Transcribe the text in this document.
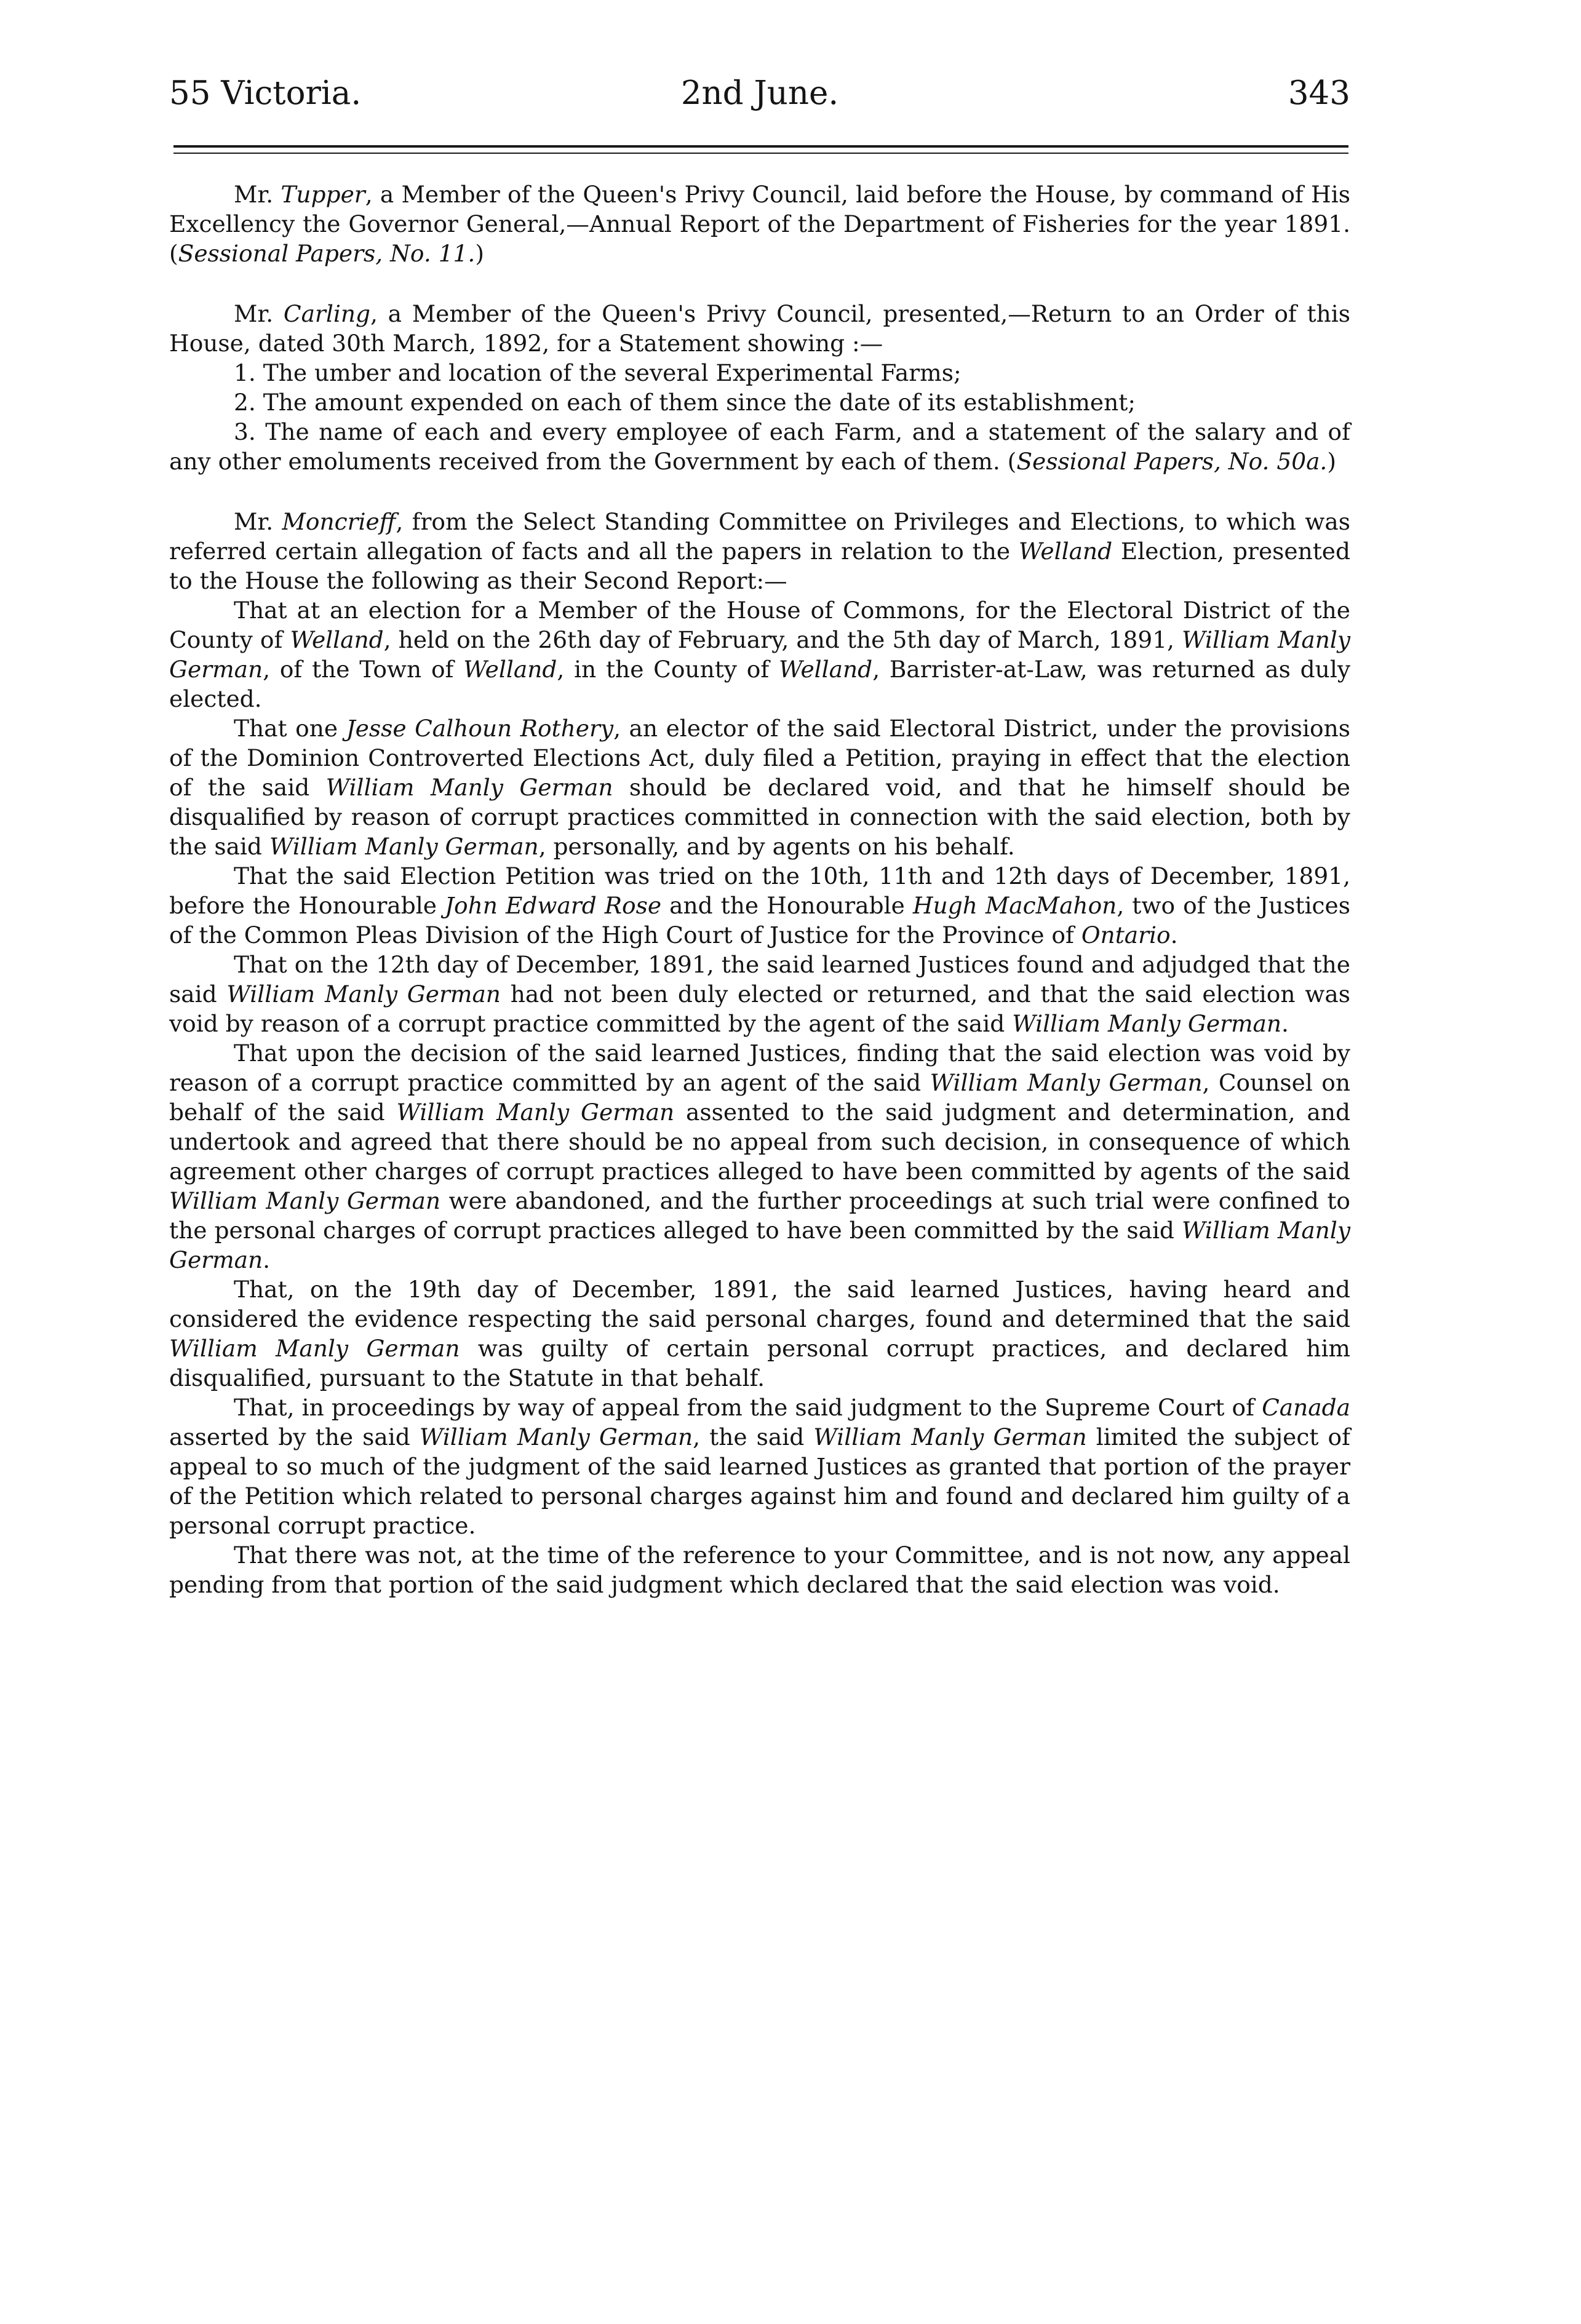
55 Victoria.	2nd June.	343

Mr. Tupper, a Member of the Queen's Privy Council, laid before the House, by command of His Excellency the Governor General,—Annual Report of the Department of Fisheries for the year 1891. (Sessional Papers, No. 11.)

Mr. Carling, a Member of the Queen's Privy Council, presented,—Return to an Order of this House, dated 30th March, 1892, for a Statement showing :—

1. The umber and location of the several Experimental Farms;

2. The amount expended on each of them since the date of its establishment;

3. The name of each and every employee of each Farm, and a statement of the salary and of any other emoluments received from the Government by each of them. (Sessional Papers, No. 50a.)

Mr. Moncrieff, from the Select Standing Committee on Privileges and Elections, to which was referred certain allegation of facts and all the papers in relation to the Welland Election, presented to the House the following as their Second Report:—

That at an election for a Member of the House of Commons, for the Electoral District of the County of Welland, held on the 26th day of February, and the 5th day of March, 1891, William Manly German, of the Town of Welland, in the County of Welland, Barrister-at-Law, was returned as duly elected.

That one Jesse Calhoun Rothery, an elector of the said Electoral District, under the provisions of the Dominion Controverted Elections Act, duly filed a Petition, praying in effect that the election of the said William Manly German should be declared void, and that he himself should be disqualified by reason of corrupt practices committed in connection with the said election, both by the said William Manly German, personally, and by agents on his behalf.

That the said Election Petition was tried on the 10th, 11th and 12th days of December, 1891, before the Honourable John Edward Rose and the Honourable Hugh MacMahon, two of the Justices of the Common Pleas Division of the High Court of Justice for the Province of Ontario.

That on the 12th day of December, 1891, the said learned Justices found and adjudged that the said William Manly German had not been duly elected or returned, and that the said election was void by reason of a corrupt practice committed by the agent of the said William Manly German.

That upon the decision of the said learned Justices, finding that the said election was void by reason of a corrupt practice committed by an agent of the said William Manly German, Counsel on behalf of the said William Manly German assented to the said judgment and determination, and undertook and agreed that there should be no appeal from such decision, in consequence of which agreement other charges of corrupt practices alleged to have been committed by agents of the said William Manly German were abandoned, and the further proceedings at such trial were confined to the personal charges of corrupt practices alleged to have been committed by the said William Manly German.

That, on the 19th day of December, 1891, the said learned Justices, having heard and considered the evidence respecting the said personal charges, found and determined that the said William Manly German was guilty of certain personal corrupt practices, and declared him disqualified, pursuant to the Statute in that behalf.

That, in proceedings by way of appeal from the said judgment to the Supreme Court of Canada asserted by the said William Manly German, the said William Manly German limited the subject of appeal to so much of the judgment of the said learned Justices as granted that portion of the prayer of the Petition which related to personal charges against him and found and declared him guilty of a personal corrupt practice.

That there was not, at the time of the reference to your Committee, and is not now, any appeal pending from that portion of the said judgment which declared that the said election was void.
